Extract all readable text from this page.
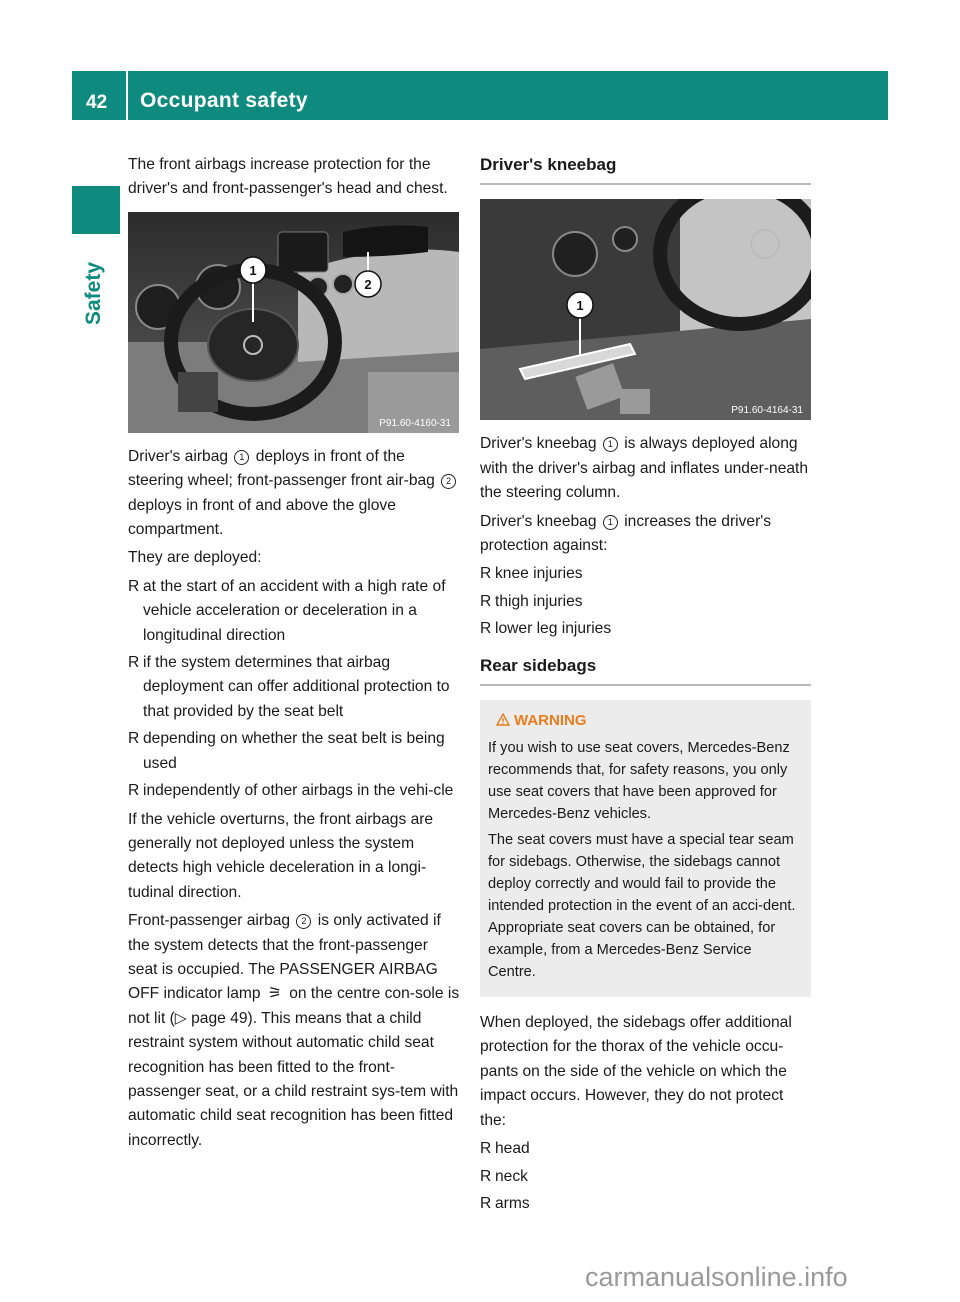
42 Occupant safety
Safety

The front airbags increase protection for the driver's and front-passenger's head and chest.

1
2
P91.60-4160-31

Driver's airbag 1 deploys in front of the steering wheel; front-passenger front air-bag 2 deploys in front of and above the glove compartment.

They are deployed:

R at the start of an accident with a high rate of vehicle acceleration or deceleration in a longitudinal direction
R if the system determines that airbag deployment can offer additional protection to that provided by the seat belt
R depending on whether the seat belt is being used
R independently of other airbags in the vehi-cle

If the vehicle overturns, the front airbags are generally not deployed unless the system detects high vehicle deceleration in a longi-tudinal direction.

Front-passenger airbag 2 is only activated if the system detects that the front-passenger seat is occupied. The PASSENGER AIRBAG OFF indicator lamp ⚞ on the centre con-sole is not lit (▷ page 49). This means that a child restraint system without automatic child seat recognition has been fitted to the front-passenger seat, or a child restraint sys-tem with automatic child seat recognition has been fitted incorrectly.

Driver's kneebag
1
P91.60-4164-31

Driver's kneebag 1 is always deployed along with the driver's airbag and inflates under-neath the steering column.

Driver's kneebag 1 increases the driver's protection against:

R knee injuries
R thigh injuries
R lower leg injuries
Rear sidebags
WARNING

If you wish to use seat covers, Mercedes-Benz recommends that, for safety reasons, you only use seat covers that have been approved for Mercedes-Benz vehicles.

The seat covers must have a special tear seam for sidebags. Otherwise, the sidebags cannot deploy correctly and would fail to provide the intended protection in the event of an acci-dent. Appropriate seat covers can be obtained, for example, from a Mercedes-Benz Service Centre.

When deployed, the sidebags offer additional protection for the thorax of the vehicle occu-pants on the side of the vehicle on which the impact occurs. However, they do not protect the:

R head
R neck
R arms
carmanualsonline.info
